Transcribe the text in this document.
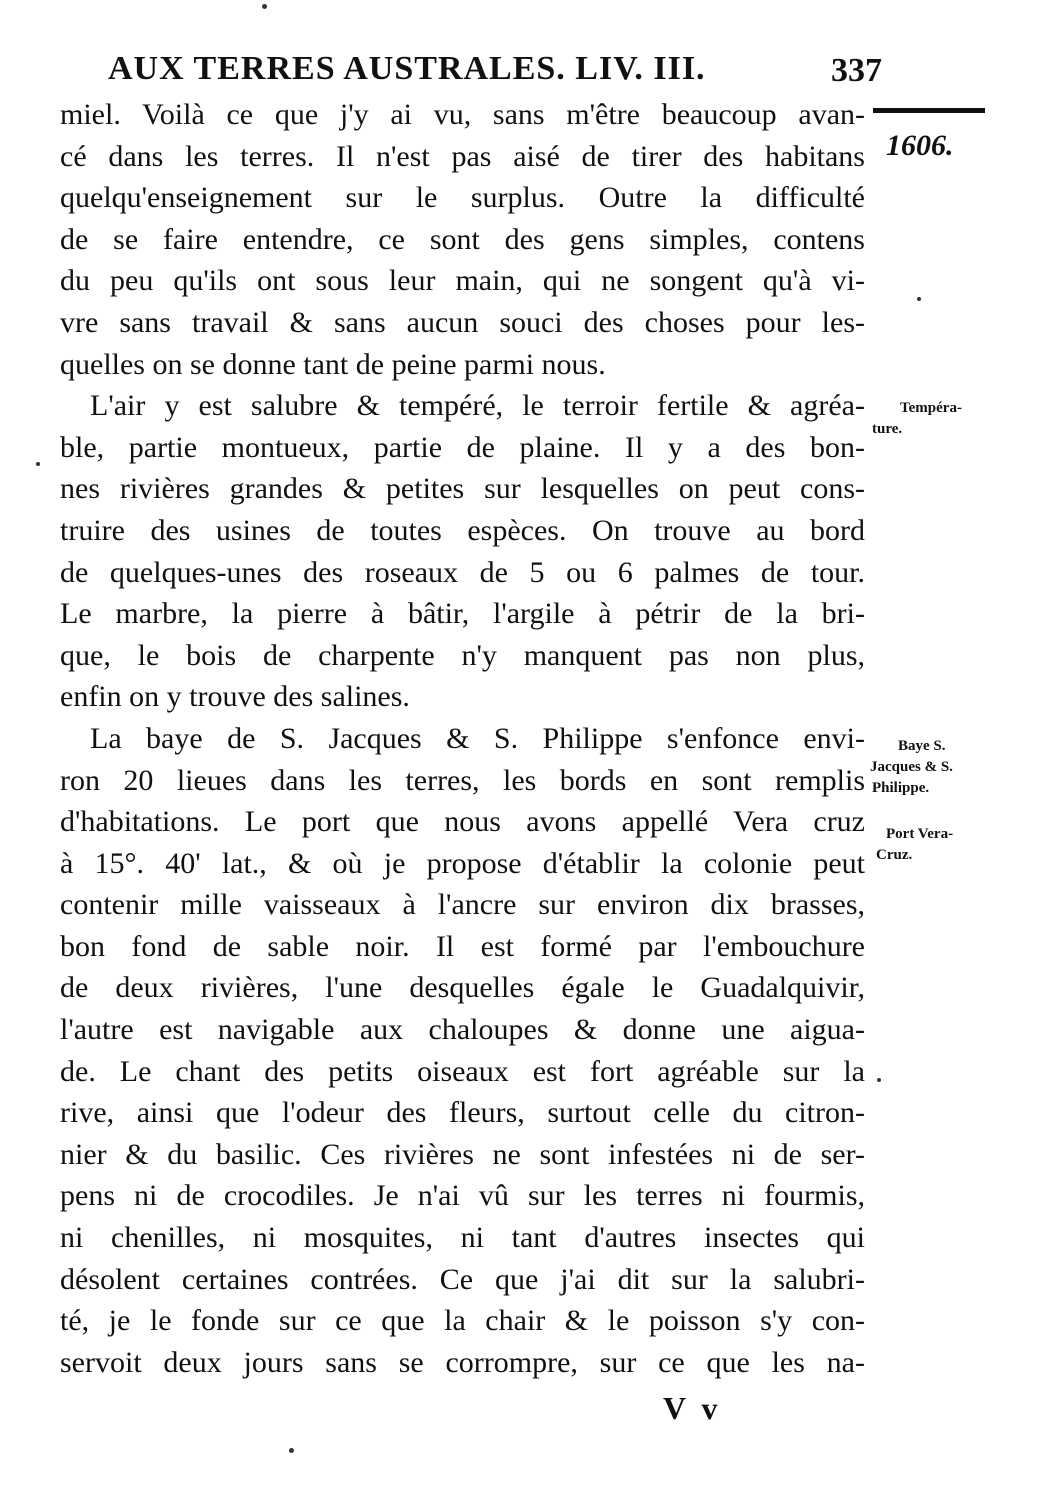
AUX TERRES AUSTRALES. LIV. III.	337
1606.
Tempéra-
ture.
Baye S.
Jacques & S.
Philippe.
Port Vera-
Cruz.
miel. Voilà ce que j'y ai vu, sans m'être beaucoup avan-
cé dans les terres. Il n'est pas aisé de tirer des habitans
quelqu'enseignement sur le surplus. Outre la difficulté
de se faire entendre, ce sont des gens simples, contens
du peu qu'ils ont sous leur main, qui ne songent qu'à vi-
vre sans travail & sans aucun souci des choses pour les-
quelles on se donne tant de peine parmi nous.
L'air y est salubre & tempéré, le terroir fertile & agréa-
ble, partie montueux, partie de plaine. Il y a des bon-
nes rivières grandes & petites sur lesquelles on peut cons-
truire des usines de toutes espèces. On trouve au bord
de quelques-unes des roseaux de 5 ou 6 palmes de tour.
Le marbre, la pierre à bâtir, l'argile à pétrir de la bri-
que, le bois de charpente n'y manquent pas non plus,
enfin on y trouve des salines.
La baye de S. Jacques & S. Philippe s'enfonce envi-
ron 20 lieues dans les terres, les bords en sont remplis
d'habitations. Le port que nous avons appellé Vera cruz
à 15°. 40' lat., & où je propose d'établir la colonie peut
contenir mille vaisseaux à l'ancre sur environ dix brasses,
bon fond de sable noir. Il est formé par l'embouchure
de deux rivières, l'une desquelles égale le Guadalquivir,
l'autre est navigable aux chaloupes & donne une aigua-
de. Le chant des petits oiseaux est fort agréable sur la
rive, ainsi que l'odeur des fleurs, surtout celle du citron-
nier & du basilic. Ces rivières ne sont infestées ni de ser-
pens ni de crocodiles. Je n'ai vû sur les terres ni fourmis,
ni chenilles, ni mosquites, ni tant d'autres insectes qui
désolent certaines contrées. Ce que j'ai dit sur la salubri-
té, je le fonde sur ce que la chair & le poisson s'y con-
servoit deux jours sans se corrompre, sur ce que les na-
V v
